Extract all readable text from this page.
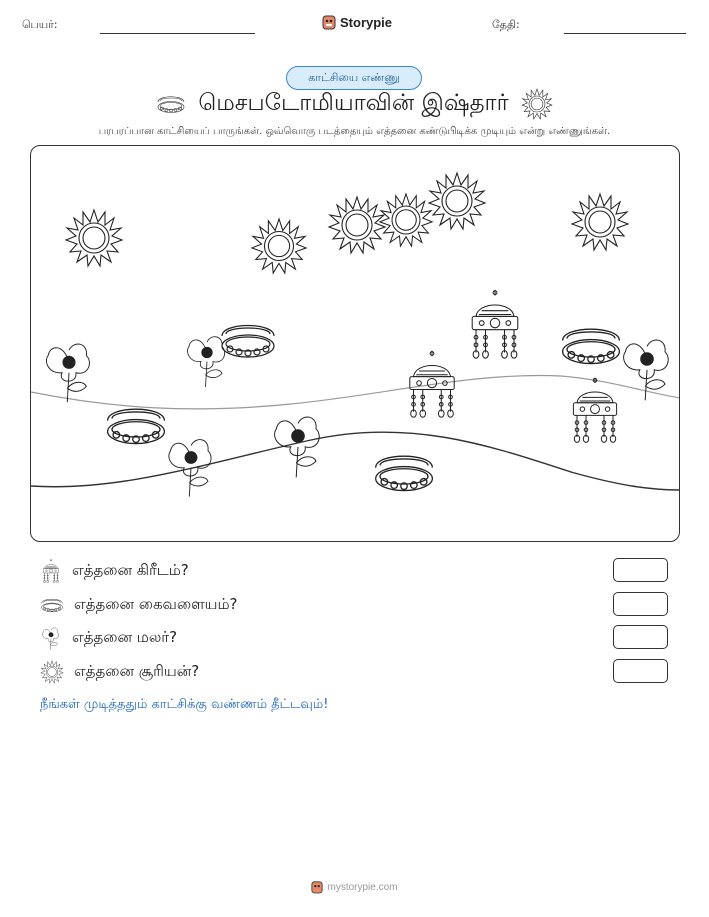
பெயர்:	Storypie	தேதி:
காட்சியை எண்ணு
மெசபடோமியாவின் இஷ்தார்
பரபரப்பான காட்சியைப் பாருங்கள். ஒவ்வொரு படத்தையும் எத்தனை கண்டுபிடிக்க முடியும் என்று எண்ணுங்கள்.
எத்தனை கிரீடம்?
எத்தனை கைவளையம்?
எத்தனை மலர்?
எத்தனை சூரியன்?
நீங்கள் முடித்ததும் காட்சிக்கு வண்ணம் தீட்டவும்!
mystorypie.com
